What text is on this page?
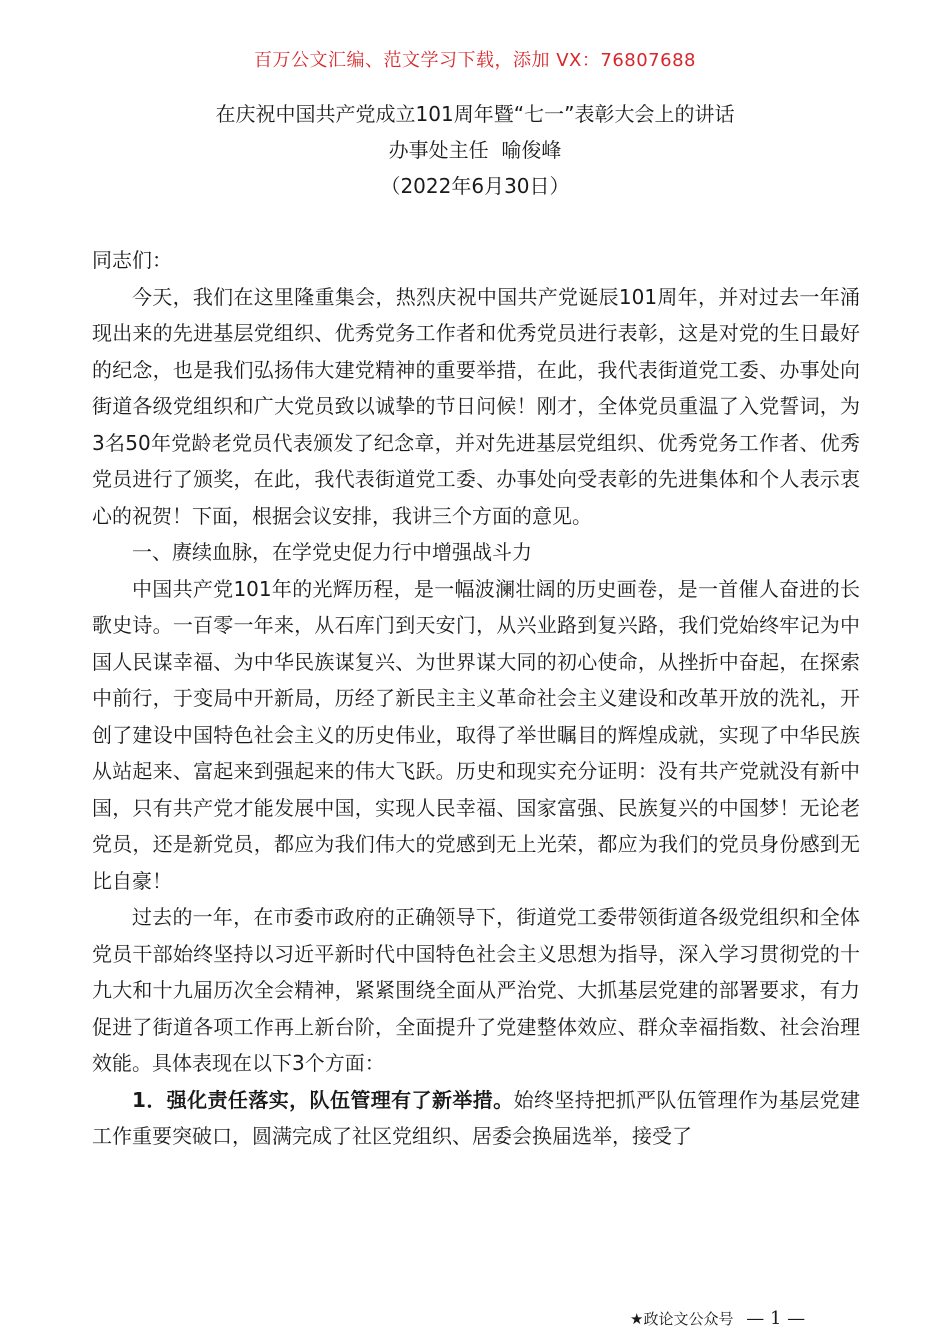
百万公文汇编、范文学习下载，添加 VX：76807688
在庆祝中国共产党成立101周年暨“七一”表彰大会上的讲话
办事处主任  喻俊峰
（2022年6月30日）

同志们：

今天，我们在这里隆重集会，热烈庆祝中国共产党诞辰101周年，并对过去一年涌现出来的先进基层党组织、优秀党务工作者和优秀党员进行表彰，这是对党的生日最好的纪念，也是我们弘扬伟大建党精神的重要举措，在此，我代表街道党工委、办事处向街道各级党组织和广大党员致以诚挚的节日问候！刚才，全体党员重温了入党誓词，为3名50年党龄老党员代表颁发了纪念章，并对先进基层党组织、优秀党务工作者、优秀党员进行了颁奖，在此，我代表街道党工委、办事处向受表彰的先进集体和个人表示衷心的祝贺！下面，根据会议安排，我讲三个方面的意见。

一、赓续血脉，在学党史促力行中增强战斗力

中国共产党101年的光辉历程，是一幅波澜壮阔的历史画卷，是一首催人奋进的长歌史诗。一百零一年来，从石库门到天安门，从兴业路到复兴路，我们党始终牢记为中国人民谋幸福、为中华民族谋复兴、为世界谋大同的初心使命，从挫折中奋起，在探索中前行，于变局中开新局，历经了新民主主义革命社会主义建设和改革开放的洗礼，开创了建设中国特色社会主义的历史伟业，取得了举世瞩目的辉煌成就，实现了中华民族从站起来、富起来到强起来的伟大飞跃。历史和现实充分证明：没有共产党就没有新中国，只有共产党才能发展中国，实现人民幸福、国家富强、民族复兴的中国梦！无论老党员，还是新党员，都应为我们伟大的党感到无上光荣，都应为我们的党员身份感到无比自豪！

过去的一年，在市委市政府的正确领导下，街道党工委带领街道各级党组织和全体党员干部始终坚持以习近平新时代中国特色社会主义思想为指导，深入学习贯彻党的十九大和十九届历次全会精神，紧紧围绕全面从严治党、大抓基层党建的部署要求，有力促进了街道各项工作再上新台阶，全面提升了党建整体效应、群众幸福指数、社会治理效能。具体表现在以下3个方面：

1．强化责任落实，队伍管理有了新举措。始终坚持把抓严队伍管理作为基层党建工作重要突破口，圆满完成了社区党组织、居委会换届选举，接受了

★政论文公众号 — 1 —
